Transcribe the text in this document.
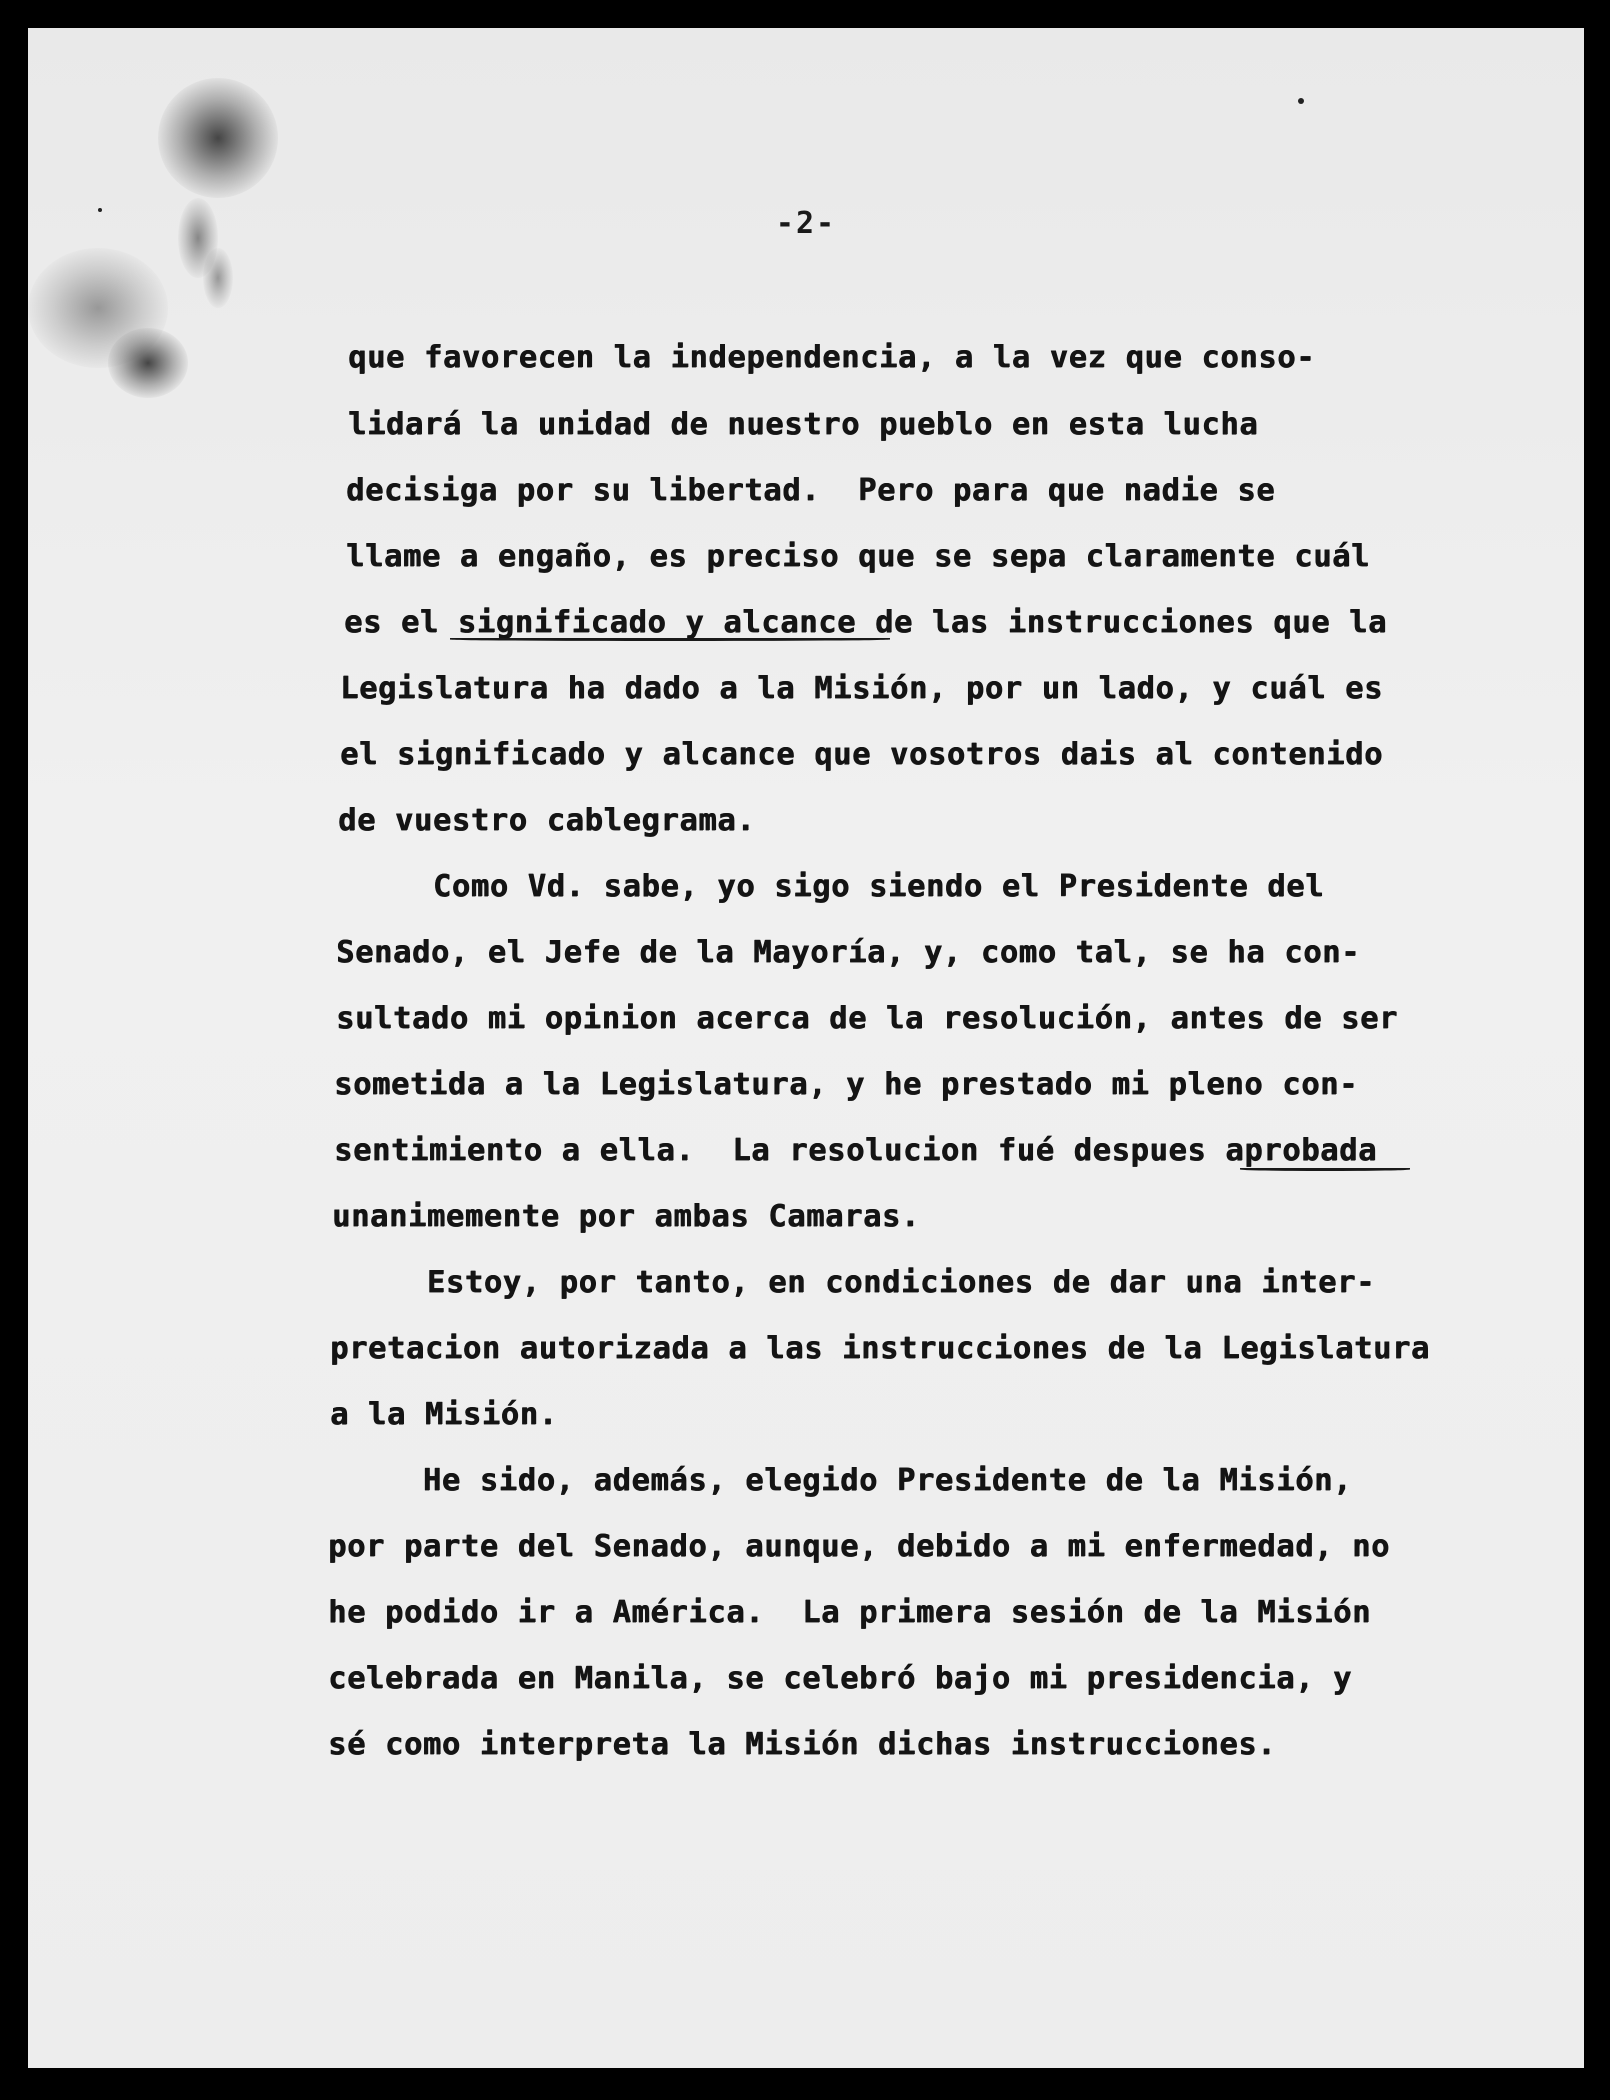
-2-
que favorecen la independencia, a la vez que conso-
lidará la unidad de nuestro pueblo en esta lucha
decisiga por su libertad.  Pero para que nadie se
llame a engaño, es preciso que se sepa claramente cuál
es el significado y alcance de las instrucciones que la
Legislatura ha dado a la Misión, por un lado, y cuál es
el significado y alcance que vosotros dais al contenido
de vuestro cablegrama.
Como Vd. sabe, yo sigo siendo el Presidente del
Senado, el Jefe de la Mayoría, y, como tal, se ha con-
sultado mi opinion acerca de la resolución, antes de ser
sometida a la Legislatura, y he prestado mi pleno con-
sentimiento a ella.  La resolucion fué despues aprobada
unanimemente por ambas Camaras.
Estoy, por tanto, en condiciones de dar una inter-
pretacion autorizada a las instrucciones de la Legislatura
a la Misión.
He sido, además, elegido Presidente de la Misión,
por parte del Senado, aunque, debido a mi enfermedad, no
he podido ir a América.  La primera sesión de la Misión
celebrada en Manila, se celebró bajo mi presidencia, y
sé como interpreta la Misión dichas instrucciones.
